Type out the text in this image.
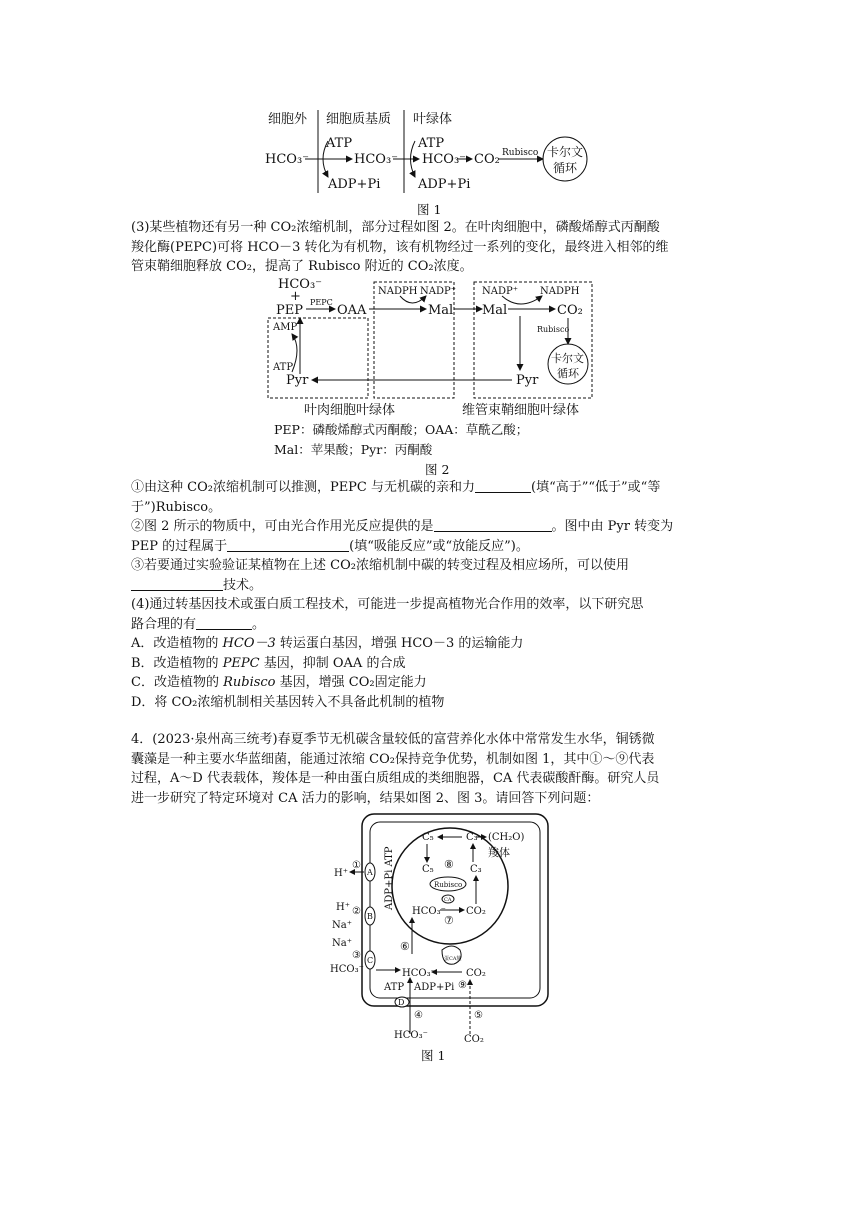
细胞外 细胞质基质 叶绿体
HCO₃⁻
ATP
ADP+Pi
HCO₃⁻
ATP
ADP+Pi
HCO₃⁻ CO₂ Rubisco 卡尔文
循环
图 1
(3)某些植物还有另一种 CO₂浓缩机制，部分过程如图 2。在叶肉细胞中，磷酸烯醇式丙酮酸
羧化酶(PEPC)可将 HCO－3 转化为有机物，该有机物经过一系列的变化，最终进入相邻的维
管束鞘细胞释放 CO₂，提高了 Rubisco 附近的 CO₂浓度。
HCO₃⁻
+
PEP
PEPC
OAA
NADPH NADP⁺
Mal
NADP⁺ NADPH
Mal	CO₂
Rubisco
卡尔文
循环
Pyr
Pyr
AMP
ATP
叶肉细胞叶绿体	维管束鞘细胞叶绿体
PEP：磷酸烯醇式丙酮酸；OAA：草酰乙酸；
Mal：苹果酸；Pyr：丙酮酸
图 2
①由这种 CO₂浓缩机制可以推测，PEPC 与无机碳的亲和力	(填“高于”“低于”或“等
于”)Rubisco。
②图 2 所示的物质中，可由光合作用光反应提供的是	。图中由 Pyr 转变为
PEP 的过程属于	(填“吸能反应”或“放能反应”)。
③若要通过实验验证某植物在上述 CO₂浓缩机制中碳的转变过程及相应场所，可以使用
技术。
(4)通过转基因技术或蛋白质工程技术，可能进一步提高植物光合作用的效率，以下研究思
路合理的有	。
A．改造植物的 HCO－3 转运蛋白基因，增强 HCO－3 的运输能力
B．改造植物的 PEPC 基因，抑制 OAA 的合成
C．改造植物的 Rubisco 基因，增强 CO₂固定能力
D．将 CO₂浓缩机制相关基因转入不具备此机制的植物
4．(2023·泉州高三统考)春夏季节无机碳含量较低的富营养化水体中常常发生水华，铜锈微
囊藻是一种主要水华蓝细菌，能通过浓缩 CO₂保持竞争优势，机制如图 1，其中①～⑨代表
过程，A～D 代表载体，羧体是一种由蛋白质组成的类细胞器，CA 代表碳酸酐酶。研究人员
进一步研究了特定环境对 CA 活力的影响，结果如图 2、图 3。请回答下列问题：
C₅	C₃ (CH₂O)
羧体
C₅	C₃
⑧
Rubisco
CA
HCO₃⁻ CO₂
⑦
ADP+Pi ATP
A
①
H⁺
B
②
H⁺
Na⁺
C
③
Na⁺
HCO₃⁻
⑥
HCO₃⁻	CO₂
蛋CA簇
⑨
ATP ADP+Pi
D
④
HCO₃⁻
⑤
CO₂
图 1
